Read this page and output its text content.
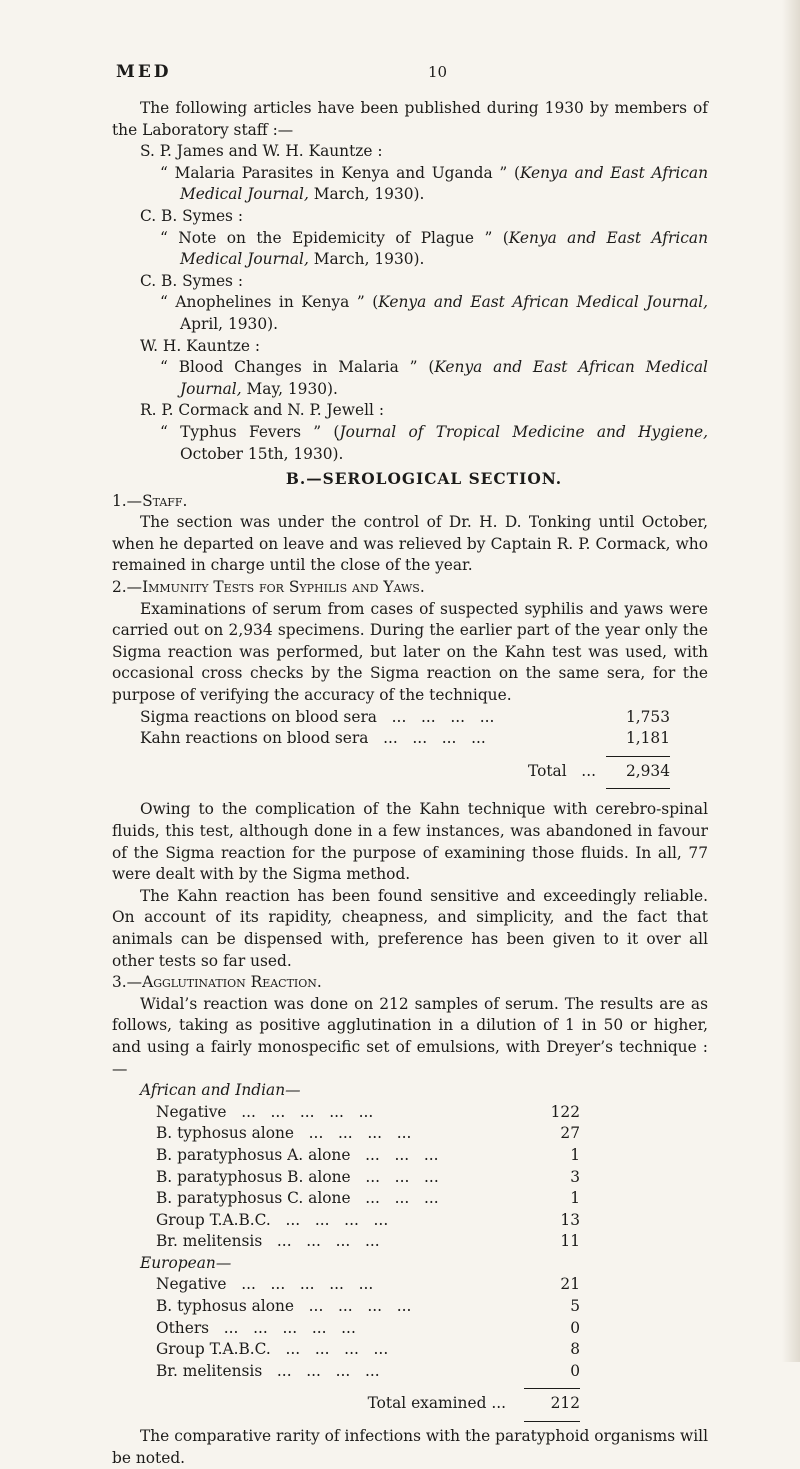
MED	10

The following articles have been published during 1930 by members of the Laboratory staff :—

S. P. James and W. H. Kauntze :

“ Malaria Parasites in Kenya and Uganda ” (Kenya and East African Medical Journal, March, 1930).

C. B. Symes :

“ Note on the Epidemicity of Plague ” (Kenya and East African Medical Journal, March, 1930).

C. B. Symes :

“ Anophelines in Kenya ” (Kenya and East African Medical Journal, April, 1930).

W. H. Kauntze :

“ Blood Changes in Malaria ” (Kenya and East African Medical Journal, May, 1930).

R. P. Cormack and N. P. Jewell :

“ Typhus Fevers ” (Journal of Tropical Medicine and Hygiene, October 15th, 1930).

B.—SEROLOGICAL SECTION.

1.—Staff.

The section was under the control of Dr. H. D. Tonking until October, when he departed on leave and was relieved by Captain R. P. Cormack, who remained in charge until the close of the year.

2.—Immunity Tests for Syphilis and Yaws.

Examinations of serum from cases of suspected syphilis and yaws were carried out on 2,934 specimens. During the earlier part of the year only the Sigma reaction was performed, but later on the Kahn test was used, with occasional cross checks by the Sigma reaction on the same sera, for the purpose of verifying the accuracy of the technique.

Sigma reactions on blood sera   ...   ...   ...   ...	1,753
Kahn reactions on blood sera   ...   ...   ...   ...	1,181
Total   ...	2,934

Owing to the complication of the Kahn technique with cerebro-spinal fluids, this test, although done in a few instances, was abandoned in favour of the Sigma reaction for the purpose of examining those fluids. In all, 77 were dealt with by the Sigma method.

The Kahn reaction has been found sensitive and exceedingly reliable. On account of its rapidity, cheapness, and simplicity, and the fact that animals can be dispensed with, preference has been given to it over all other tests so far used.

3.—Agglutination Reaction.

Widal’s reaction was done on 212 samples of serum. The results are as follows, taking as positive agglutination in a dilution of 1 in 50 or higher, and using a fairly monospecific set of emulsions, with Dreyer’s technique :—

African and Indian—
Negative   ...   ...   ...   ...   ...	122
B. typhosus alone   ...   ...   ...   ...	27
B. paratyphosus A. alone   ...   ...   ...	1
B. paratyphosus B. alone   ...   ...   ...	3
B. paratyphosus C. alone   ...   ...   ...	1
Group T.A.B.C.   ...   ...   ...   ...	13
Br. melitensis   ...   ...   ...   ...	11
European—
Negative   ...   ...   ...   ...   ...	21
B. typhosus alone   ...   ...   ...   ...	5
Others   ...   ...   ...   ...   ...	0
Group T.A.B.C.   ...   ...   ...   ...	8
Br. melitensis   ...   ...   ...   ...	0
Total examined ...	212

The comparative rarity of infections with the paratyphoid organisms will be noted.
